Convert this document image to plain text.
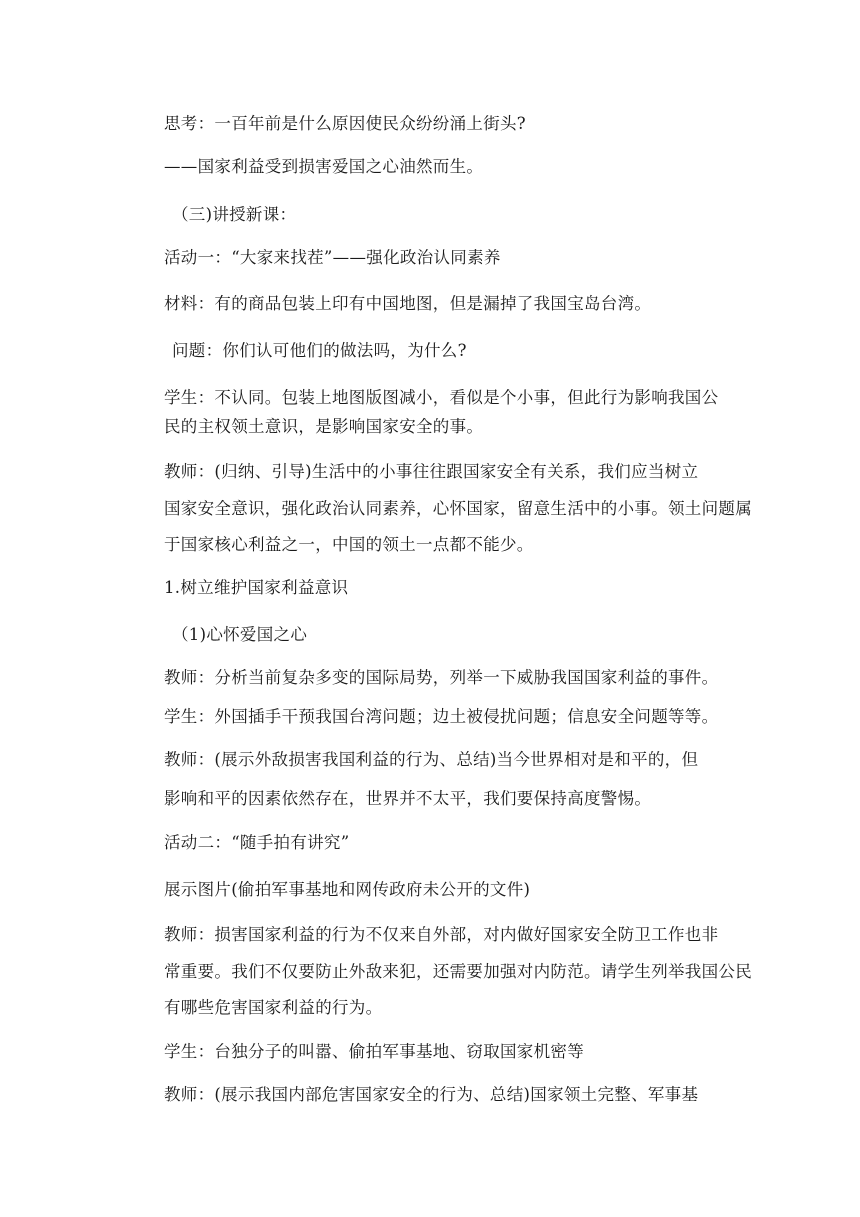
思考：一百年前是什么原因使民众纷纷涌上街头?
——国家利益受到损害爱国之心油然而生。
（三)讲授新课：
活动一：“大家来找茬”——强化政治认同素养
材料：有的商品包装上印有中国地图，但是漏掉了我国宝岛台湾。
问题：你们认可他们的做法吗，为什么?
学生：不认同。包装上地图版图减小，看似是个小事，但此行为影响我国公
民的主权领土意识，是影响国家安全的事。
教师：(归纳、引导)生活中的小事往往跟国家安全有关系，我们应当树立
国家安全意识，强化政治认同素养，心怀国家，留意生活中的小事。领土问题属
于国家核心利益之一，中国的领土一点都不能少。
1.树立维护国家利益意识
（1)心怀爱国之心
教师：分析当前复杂多变的国际局势，列举一下威胁我国国家利益的事件。
学生：外国插手干预我国台湾问题；边土被侵扰问题；信息安全问题等等。
教师：(展示外敌损害我国利益的行为、总结)当今世界相对是和平的，但
影响和平的因素依然存在，世界并不太平，我们要保持高度警惕。
活动二：“随手拍有讲究”
展示图片(偷拍军事基地和网传政府未公开的文件)
教师：损害国家利益的行为不仅来自外部，对内做好国家安全防卫工作也非
常重要。我们不仅要防止外敌来犯，还需要加强对内防范。请学生列举我国公民
有哪些危害国家利益的行为。
学生：台独分子的叫嚣、偷拍军事基地、窃取国家机密等
教师：(展示我国内部危害国家安全的行为、总结)国家领土完整、军事基
